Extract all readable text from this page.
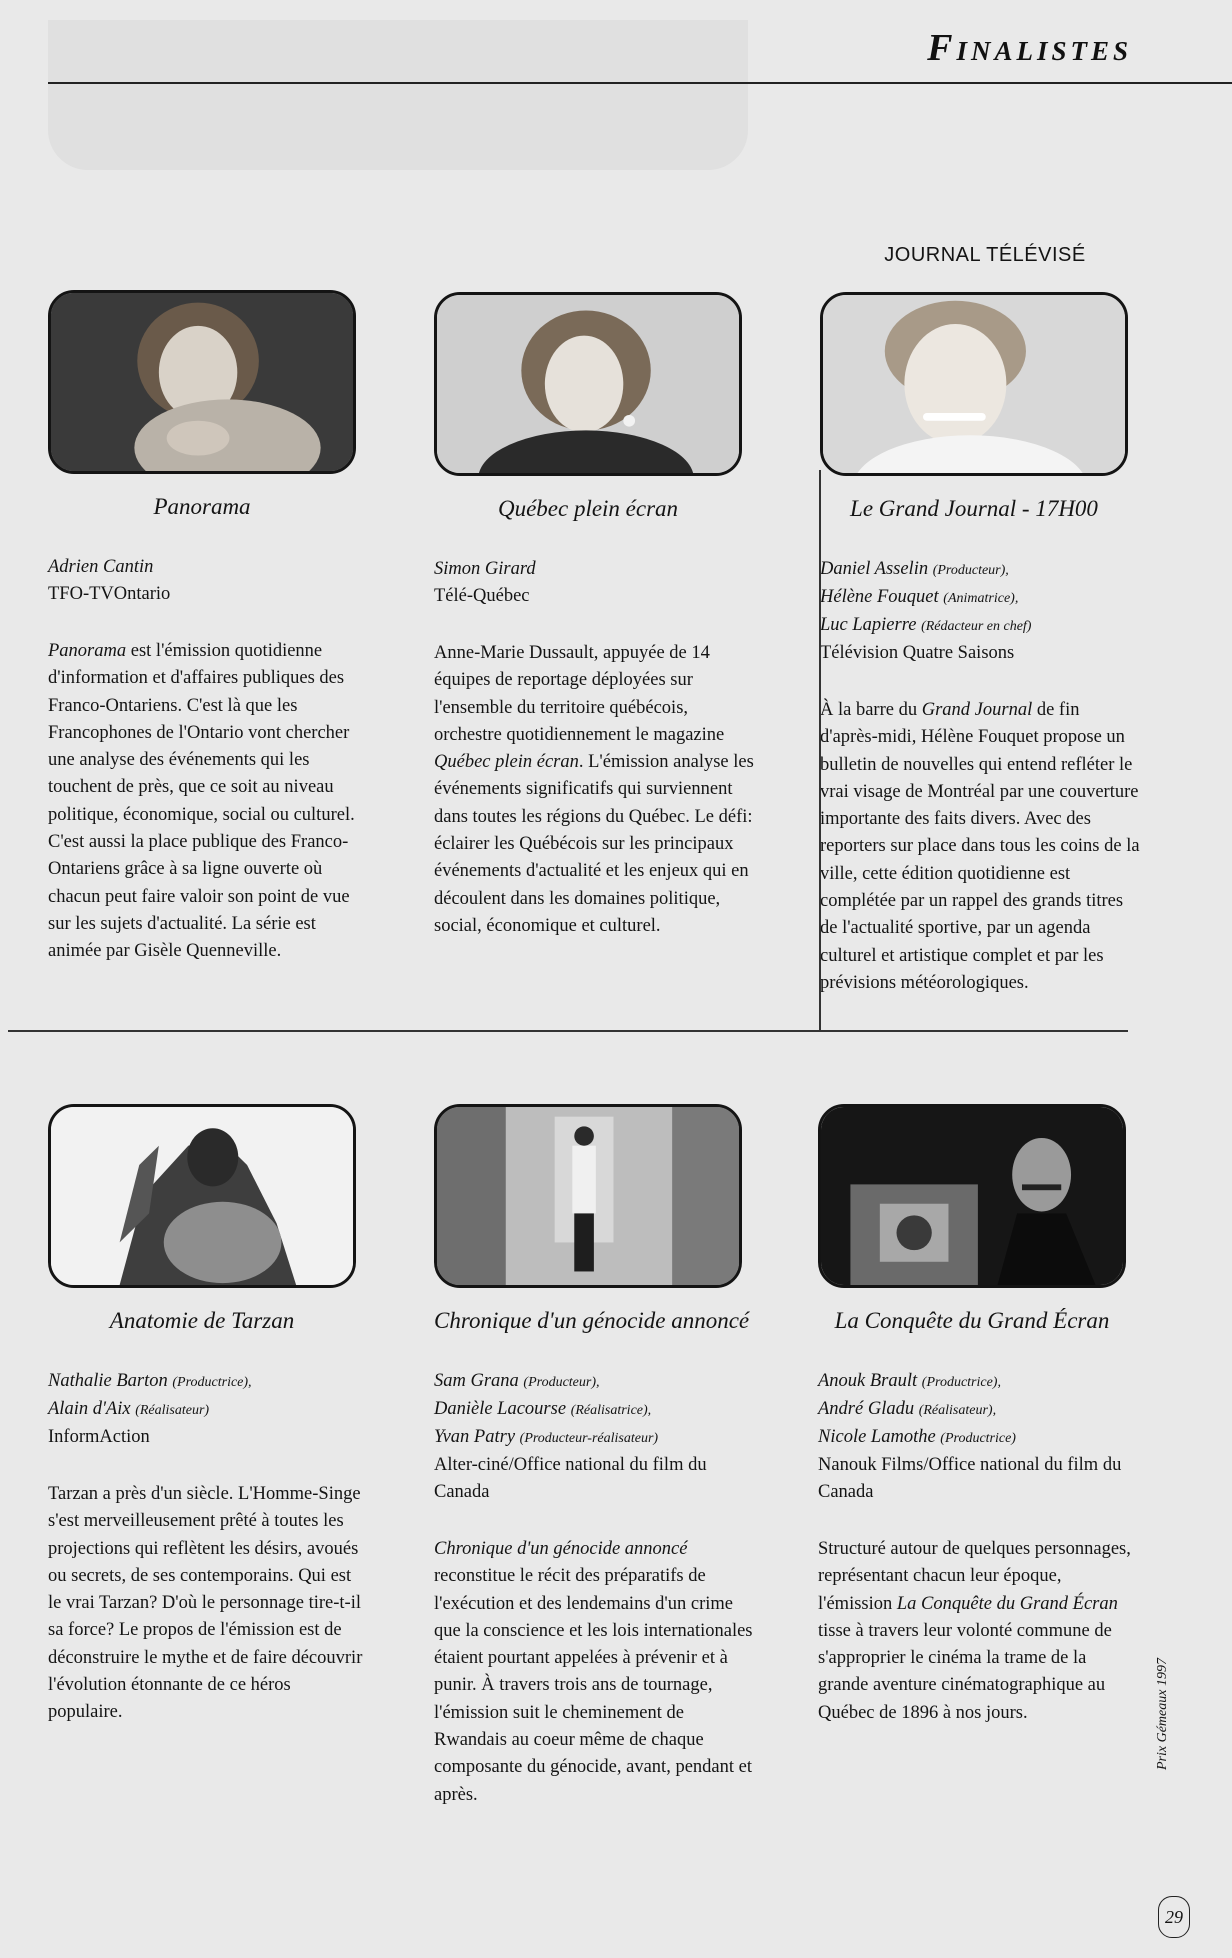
Finalistes
JOURNAL TÉLÉVISÉ
Panorama
Adrien Cantin
TFO-TVOntario
Panorama est l'émission quotidienne d'information et d'affaires publiques des Franco-Ontariens. C'est là que les Francophones de l'Ontario vont chercher une analyse des événements qui les touchent de près, que ce soit au niveau politique, économique, social ou culturel. C'est aussi la place publique des Franco-Ontariens grâce à sa ligne ouverte où chacun peut faire valoir son point de vue sur les sujets d'actualité. La série est animée par Gisèle Quenneville.
Québec plein écran
Simon Girard
Télé-Québec
Anne-Marie Dussault, appuyée de 14 équipes de reportage déployées sur l'ensemble du territoire québécois, orchestre quotidiennement le magazine Québec plein écran. L'émission analyse les événements significatifs qui surviennent dans toutes les régions du Québec. Le défi: éclairer les Québécois sur les principaux événements d'actualité et les enjeux qui en découlent dans les domaines politique, social, économique et culturel.
Le Grand Journal - 17H00
Daniel Asselin (Producteur),
Hélène Fouquet (Animatrice),
Luc Lapierre (Rédacteur en chef)
Télévision Quatre Saisons
À la barre du Grand Journal de fin d'après-midi, Hélène Fouquet propose un bulletin de nouvelles qui entend refléter le vrai visage de Montréal par une couverture importante des faits divers. Avec des reporters sur place dans tous les coins de la ville, cette édition quotidienne est complétée par un rappel des grands titres de l'actualité sportive, par un agenda culturel et artistique complet et par les prévisions météorologiques.
Anatomie de Tarzan
Nathalie Barton (Productrice),
Alain d'Aix (Réalisateur)
InformAction
Tarzan a près d'un siècle. L'Homme-Singe s'est merveilleusement prêté à toutes les projections qui reflètent les désirs, avoués ou secrets, de ses contemporains. Qui est le vrai Tarzan? D'où le personnage tire-t-il sa force? Le propos de l'émission est de déconstruire le mythe et de faire découvrir l'évolution étonnante de ce héros populaire.
Chronique d'un génocide annoncé
Sam Grana (Producteur),
Danièle Lacourse (Réalisatrice),
Yvan Patry (Producteur-réalisateur)
Alter-ciné/Office national du film du Canada
Chronique d'un génocide annoncé reconstitue le récit des préparatifs de l'exécution et des lendemains d'un crime que la conscience et les lois internationales étaient pourtant appelées à prévenir et à punir. À travers trois ans de tournage, l'émission suit le cheminement de Rwandais au coeur même de chaque composante du génocide, avant, pendant et après.
La Conquête du Grand Écran
Anouk Brault (Productrice),
André Gladu (Réalisateur),
Nicole Lamothe (Productrice)
Nanouk Films/Office national du film du Canada
Structuré autour de quelques personnages, représentant chacun leur époque, l'émission La Conquête du Grand Écran tisse à travers leur volonté commune de s'approprier le cinéma la trame de la grande aventure cinématographique au Québec de 1896 à nos jours.	Prix Gémeaux 1997
29
